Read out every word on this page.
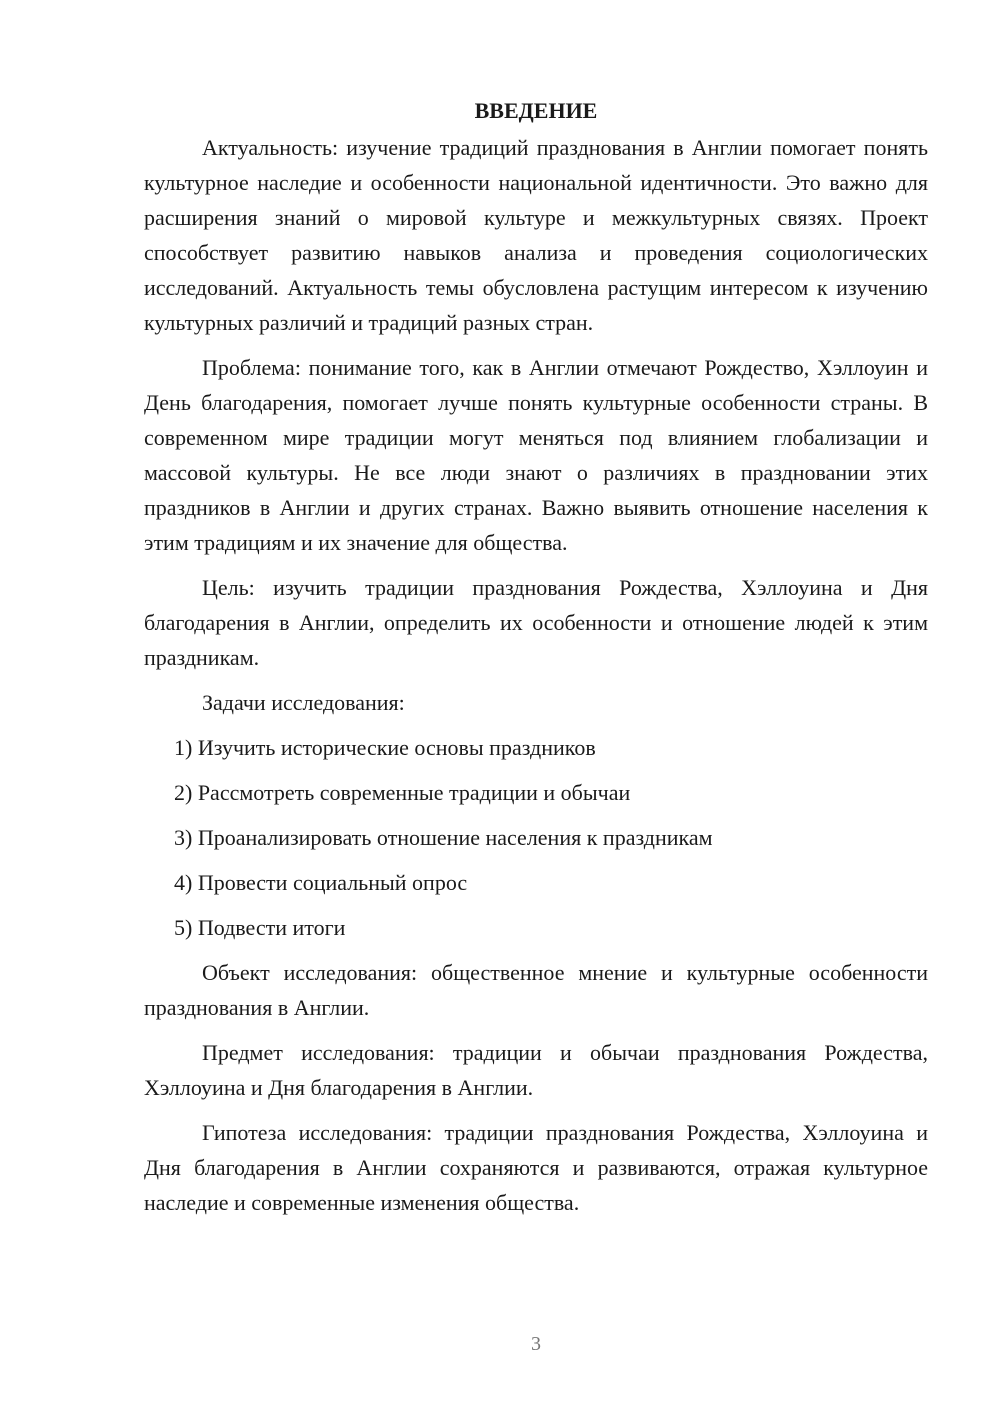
ВВЕДЕНИЕ

Актуальность: изучение традиций празднования в Англии помогает понять культурное наследие и особенности национальной идентичности. Это важно для расширения знаний о мировой культуре и межкультурных связях. Проект способствует развитию навыков анализа и проведения социологических исследований. Актуальность темы обусловлена растущим интересом к изучению культурных различий и традиций разных стран.

Проблема: понимание того, как в Англии отмечают Рождество, Хэллоуин и День благодарения, помогает лучше понять культурные особенности страны. В современном мире традиции могут меняться под влиянием глобализации и массовой культуры. Не все люди знают о различиях в праздновании этих праздников в Англии и других странах. Важно выявить отношение населения к этим традициям и их значение для общества.

Цель: изучить традиции празднования Рождества, Хэллоуина и Дня благодарения в Англии, определить их особенности и отношение людей к этим праздникам.

Задачи исследования:

1) Изучить исторические основы праздников

2) Рассмотреть современные традиции и обычаи

3) Проанализировать отношение населения к праздникам

4) Провести социальный опрос

5) Подвести итоги

Объект исследования: общественное мнение и культурные особенности празднования в Англии.

Предмет исследования: традиции и обычаи празднования Рождества, Хэллоуина и Дня благодарения в Англии.

Гипотеза исследования: традиции празднования Рождества, Хэллоуина и Дня благодарения в Англии сохраняются и развиваются, отражая культурное наследие и современные изменения общества.

3
